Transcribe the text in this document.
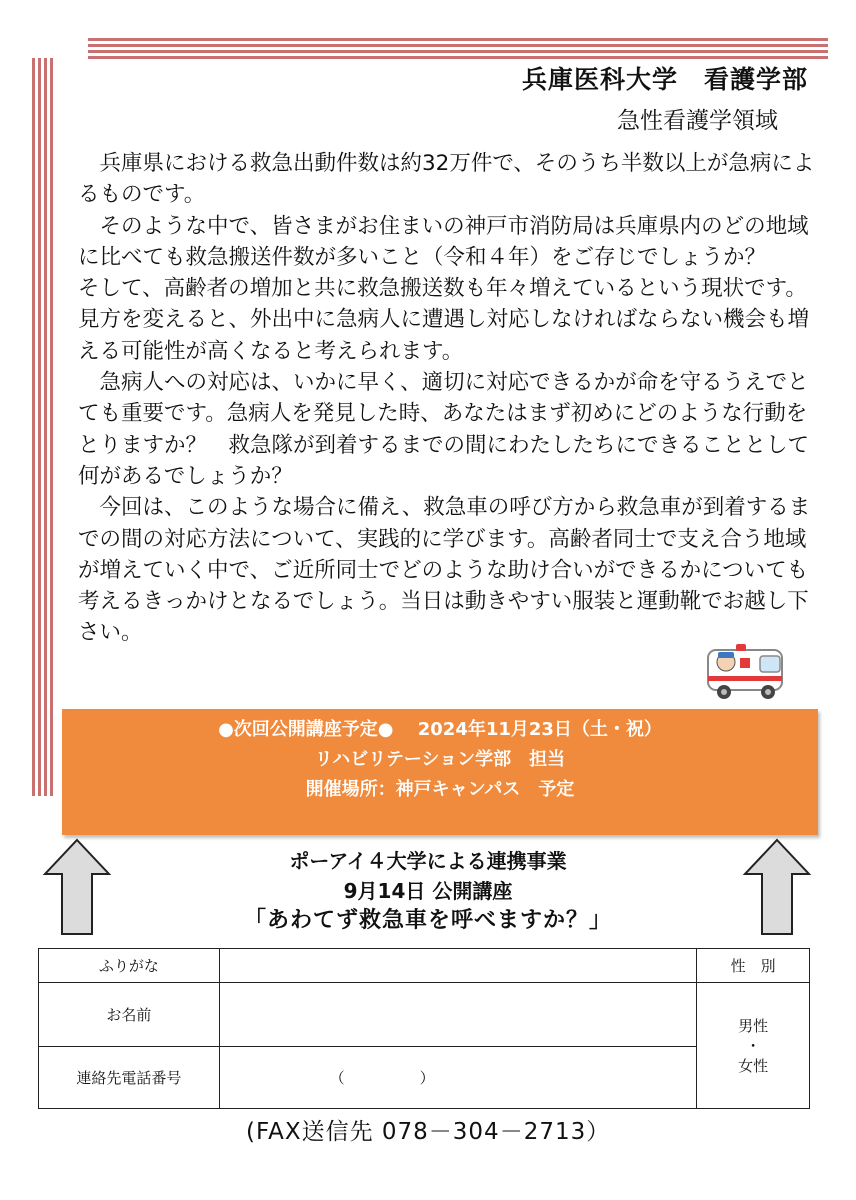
兵庫医科大学　看護学部
急性看護学領域

兵庫県における救急出動件数は約32万件で、そのうち半数以上が急病によるものです。

そのような中で、皆さまがお住まいの神戸市消防局は兵庫県内のどの地域に比べても救急搬送件数が多いこと（令和４年）をご存じでしょうか？

そして、高齢者の増加と共に救急搬送数も年々増えているという現状です。見方を変えると、外出中に急病人に遭遇し対応しなければならない機会も増える可能性が高くなると考えられます。

急病人への対応は、いかに早く、適切に対応できるかが命を守るうえでとても重要です。急病人を発見した時、あなたはまず初めにどのような行動をとりますか？　救急隊が到着するまでの間にわたしたちにできることとして何があるでしょうか？

今回は、このような場合に備え、救急車の呼び方から救急車が到着するまでの間の対応方法について、実践的に学びます。高齢者同士で支え合う地域が増えていく中で、ご近所同士でどのような助け合いができるかについても考えるきっかけとなるでしょう。当日は動きやすい服装と運動靴でお越し下さい。

●次回公開講座予定●　 2024年11月23日（土・祝）
リハビリテーション学部　担当
開催場所：神戸キャンパス　予定
ポーアイ４大学による連携事業
9月14日 公開講座
「あわてず救急車を呼べますか？」
ふりがな		性　別
お名前		男性
・
女性

連絡先電話番号	（　　　　　）	
(FAX送信先 078－304－2713）
